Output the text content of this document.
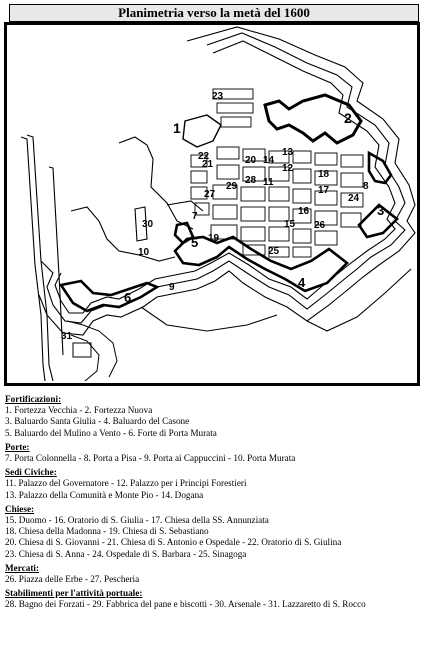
Planimetria verso la metà del 1600
1
2
3
4
5
6
7
8
9
10
11
12
13
14
15
16
17
18
19
20
21
22
23
24
25
26
27
28
29
30
31
Fortificazioni:
1. Fortezza Vecchia - 2. Fortezza Nuova
3. Baluardo Santa Giulia - 4. Baluardo del Casone
5. Baluardo del Mulino a Vento - 6. Forte di Porta Murata
Porte:
7. Porta Colonnella - 8. Porta a Pisa - 9. Porta ai Cappuccini - 10. Porta Murata
Sedi Civiche:
11. Palazzo del Governatore - 12. Palazzo per i Principi Forestieri
13. Palazzo della Comunità e Monte Pio - 14. Dogana
Chiese:
15. Duomo - 16. Oratorio di S. Giulia - 17. Chiesa della SS. Annunziata
18. Chiesa della Madonna - 19. Chiesa di S. Sebastiano
20. Chiesa di S. Giovanni - 21. Chiesa di S. Antonio e Ospedale - 22. Oratorio di S. Giulina
23. Chiesa di S. Anna - 24. Ospedale di S. Barbara - 25. Sinagoga
Mercati:
26. Piazza delle Erbe - 27. Pescheria
Stabilimenti per l'attività portuale:
28. Bagno dei Forzati - 29. Fabbrica del pane e biscotti - 30. Arsenale - 31. Lazzaretto di S. Rocco
